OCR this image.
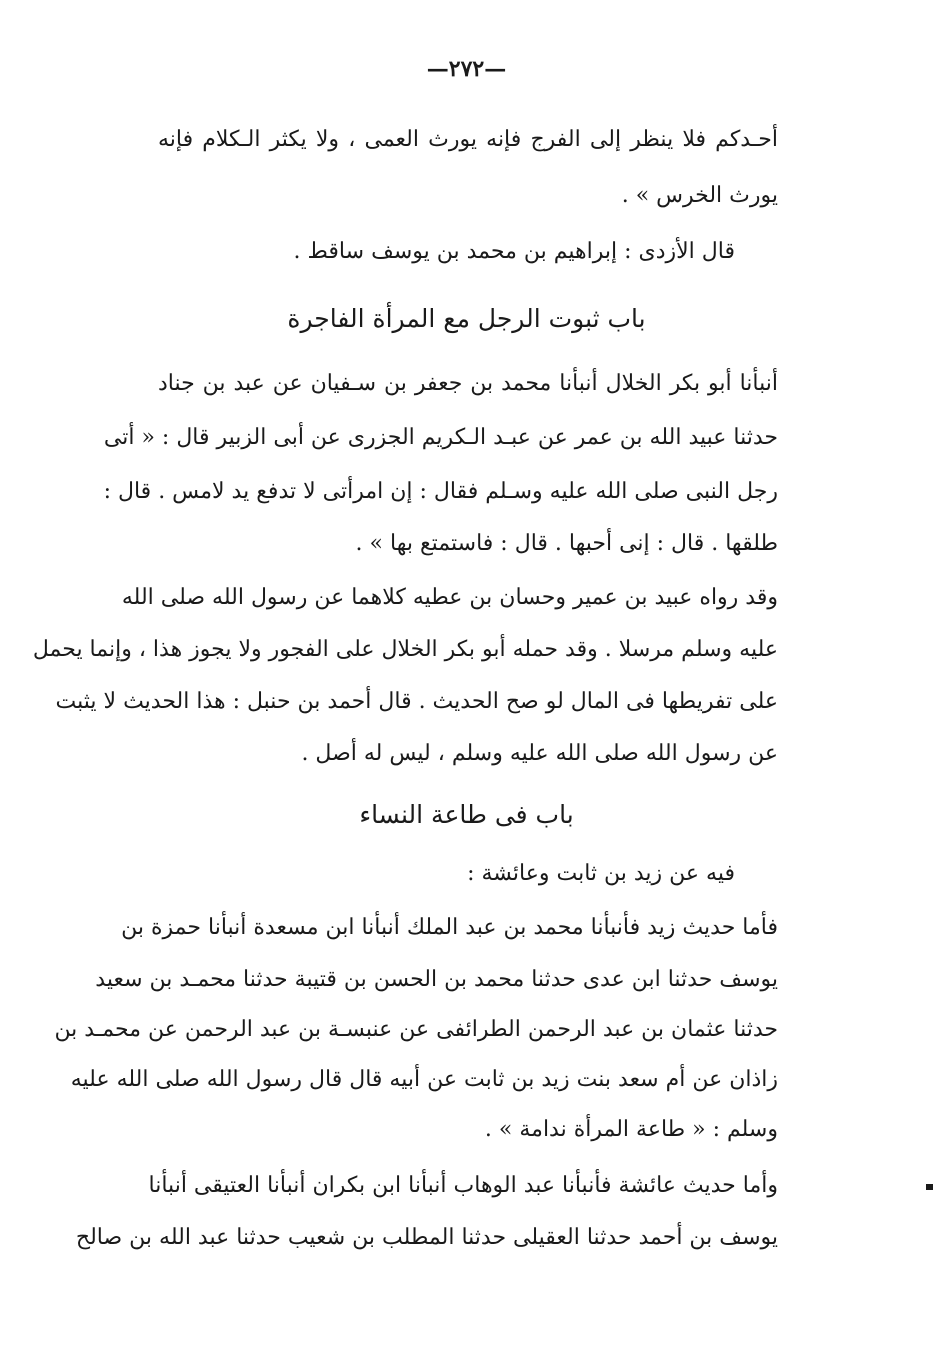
—٢٧٢—
أحـدكم فلا ينظر إلى الفرج فإنه يورث العمى ، ولا يكثر الـكلام فإنه
يورث الخرس » .
قال الأزدى : إبراهيم بن محمد بن يوسف ساقط .
باب ثبوت الرجل مع المرأة الفاجرة
أنبأنا أبو بكر الخلال أنبأنا محمد بن جعفر بن سـفيان عن عبد بن جناد
حدثنا عبيد الله بن عمر عن عبـد الـكريم الجزرى عن أبى الزبير قال : « أتى
رجل النبى صلى الله عليه وسـلم فقال : إن امرأتى لا تدفع يد لامس . قال :
طلقها . قال : إنى أحبها . قال : فاستمتع بها » .
وقد رواه عبيد بن عمير وحسان بن عطيه كلاهما عن رسول الله صلى الله
عليه وسلم مرسلا . وقد حمله أبو بكر الخلال على الفجور ولا يجوز هذا ، وإنما يحمل
على تفريطها فى المال لو صح الحديث . قال أحمد بن حنبل : هذا الحديث لا يثبت
عن رسول الله صلى الله عليه وسلم ، ليس له أصل .
باب فى طاعة النساء
فيه عن زيد بن ثابت وعائشة :
فأما حديث زيد فأنبأنا محمد بن عبد الملك أنبأنا ابن مسعدة أنبأنا حمزة بن
يوسف حدثنا ابن عدى حدثنا محمد بن الحسن بن قتيبة حدثنا محمـد بن سعيد
حدثنا عثمان بن عبد الرحمن الطرائفى عن عنبسـة بن عبد الرحمن عن محمـد بن
زاذان عن أم سعد بنت زيد بن ثابت عن أبيه قال قال رسول الله صلى الله عليه
وسلم : « طاعة المرأة ندامة » .
وأما حديث عائشة فأنبأنا عبد الوهاب أنبأنا ابن بكران أنبأنا العتيقى أنبأنا
يوسف بن أحمد حدثنا العقيلى حدثنا المطلب بن شعيب حدثنا عبد الله بن صالح
